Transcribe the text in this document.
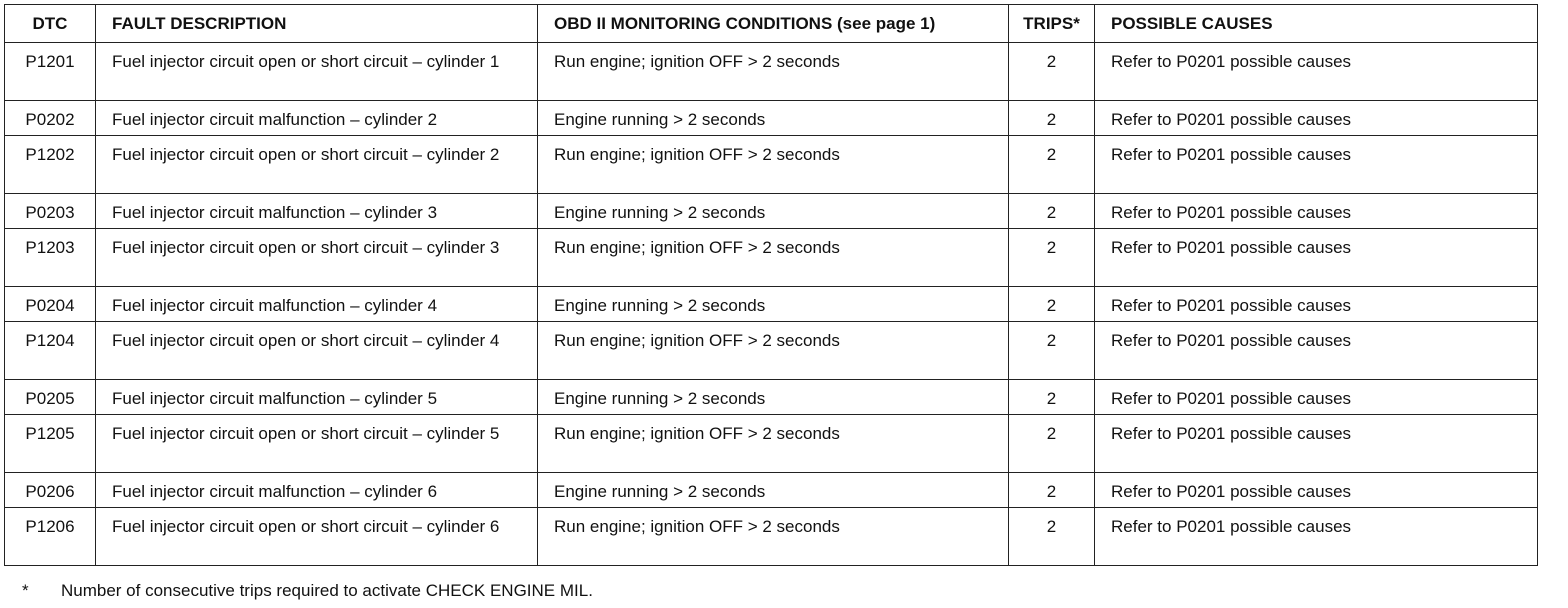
DTC	FAULT DESCRIPTION	OBD II MONITORING CONDITIONS (see page 1)	TRIPS*	POSSIBLE CAUSES
P1201	Fuel injector circuit open or short circuit – cylinder 1	Run engine; ignition OFF > 2 seconds	2	Refer to P0201 possible causes
P0202	Fuel injector circuit malfunction – cylinder 2	Engine running > 2 seconds	2	Refer to P0201 possible causes
P1202	Fuel injector circuit open or short circuit – cylinder 2	Run engine; ignition OFF > 2 seconds	2	Refer to P0201 possible causes
P0203	Fuel injector circuit malfunction – cylinder 3	Engine running > 2 seconds	2	Refer to P0201 possible causes
P1203	Fuel injector circuit open or short circuit – cylinder 3	Run engine; ignition OFF > 2 seconds	2	Refer to P0201 possible causes
P0204	Fuel injector circuit malfunction – cylinder 4	Engine running > 2 seconds	2	Refer to P0201 possible causes
P1204	Fuel injector circuit open or short circuit – cylinder 4	Run engine; ignition OFF > 2 seconds	2	Refer to P0201 possible causes
P0205	Fuel injector circuit malfunction – cylinder 5	Engine running > 2 seconds	2	Refer to P0201 possible causes
P1205	Fuel injector circuit open or short circuit – cylinder 5	Run engine; ignition OFF > 2 seconds	2	Refer to P0201 possible causes
P0206	Fuel injector circuit malfunction – cylinder 6	Engine running > 2 seconds	2	Refer to P0201 possible causes
P1206	Fuel injector circuit open or short circuit – cylinder 6	Run engine; ignition OFF > 2 seconds	2	Refer to P0201 possible causes
* Number of consecutive trips required to activate CHECK ENGINE MIL.
